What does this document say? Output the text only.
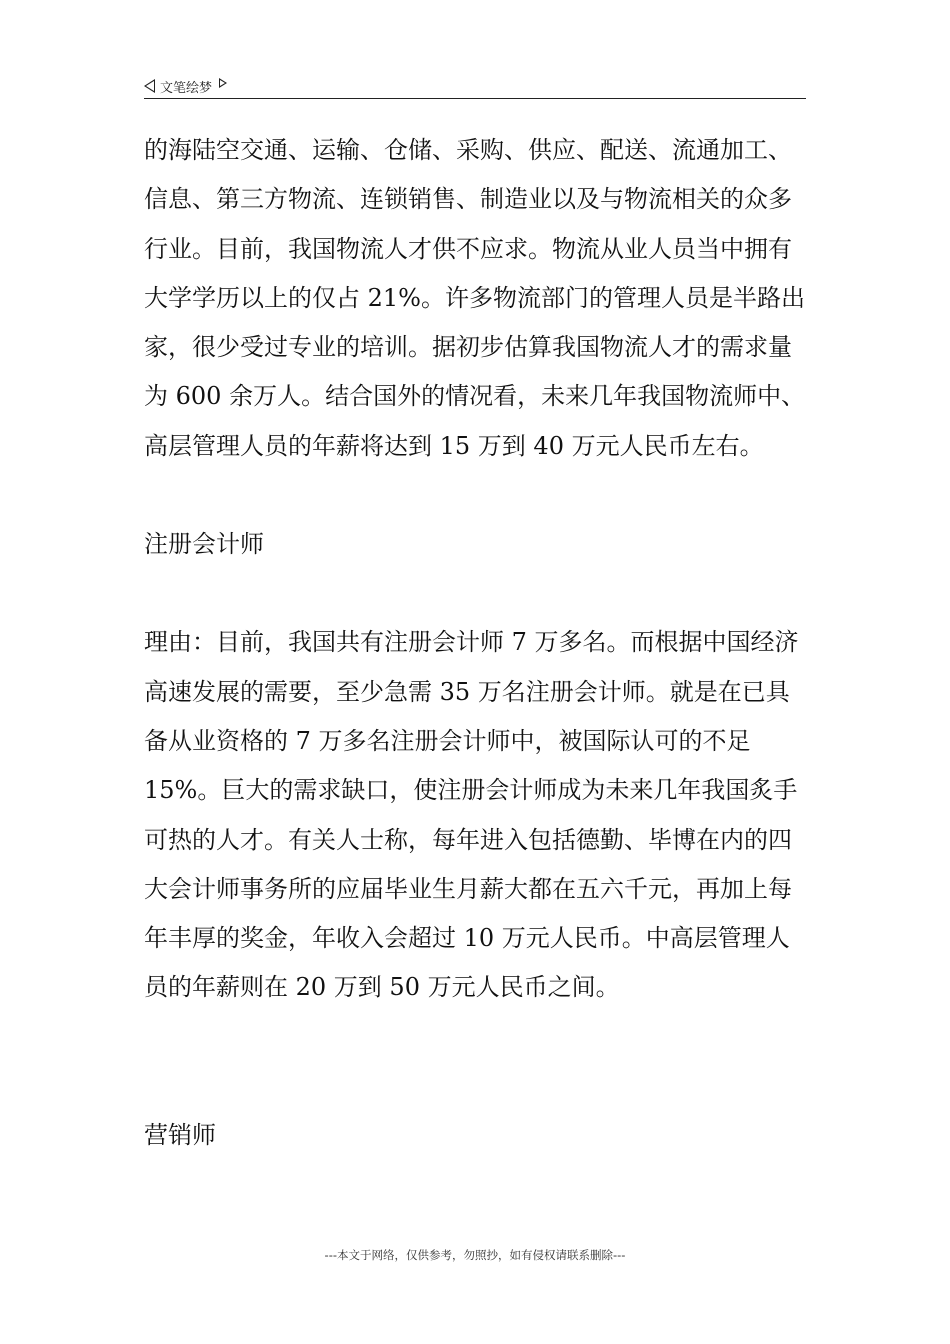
文笔绘梦

的海陆空交通、运输、仓储、采购、供应、配送、流通加工、信息、第三方物流、连锁销售、制造业以及与物流相关的众多行业。目前，我国物流人才供不应求。物流从业人员当中拥有大学学历以上的仅占 21%。许多物流部门的管理人员是半路出家，很少受过专业的培训。据初步估算我国物流人才的需求量为 600 余万人。结合国外的情况看，未来几年我国物流师中、高层管理人员的年薪将达到 15 万到 40 万元人民币左右。

注册会计师

理由：目前，我国共有注册会计师 7 万多名。而根据中国经济高速发展的需要，至少急需 35 万名注册会计师。就是在已具备从业资格的 7 万多名注册会计师中，被国际认可的不足 15%。巨大的需求缺口，使注册会计师成为未来几年我国炙手可热的人才。有关人士称，每年进入包括德勤、毕博在内的四大会计师事务所的应届毕业生月薪大都在五六千元，再加上每年丰厚的奖金，年收入会超过 10 万元人民币。中高层管理人员的年薪则在 20 万到 50 万元人民币之间。

营销师

---本文于网络，仅供参考，勿照抄，如有侵权请联系删除---
